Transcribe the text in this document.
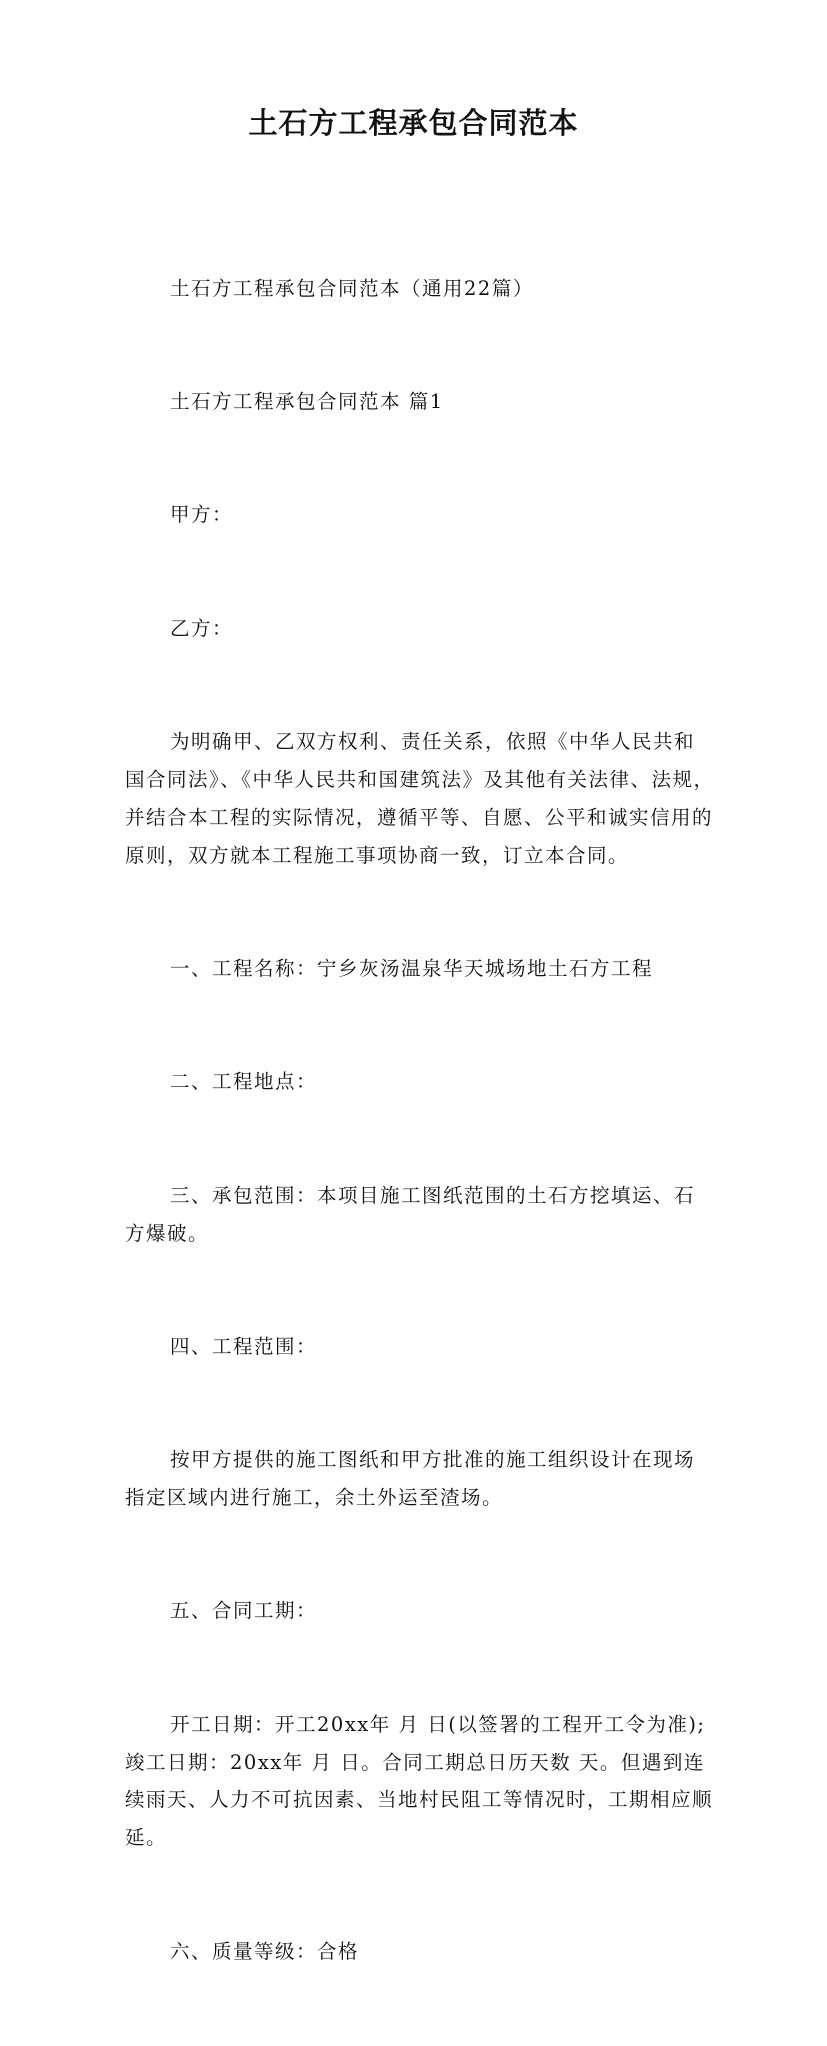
土石方工程承包合同范本

土石方工程承包合同范本（通用22篇）

土石方工程承包合同范本 篇1

甲方：

乙方：

为明确甲、乙双方权利、责任关系，依照《中华人民共和国合同法》、《中华人民共和国建筑法》及其他有关法律、法规，并结合本工程的实际情况，遵循平等、自愿、公平和诚实信用的原则，双方就本工程施工事项协商一致，订立本合同。

一、工程名称：宁乡灰汤温泉华天城场地土石方工程

二、工程地点：

三、承包范围：本项目施工图纸范围的土石方挖填运、石方爆破。

四、工程范围：

按甲方提供的施工图纸和甲方批准的施工组织设计在现场指定区域内进行施工，余土外运至渣场。

五、合同工期：

开工日期：开工20xx年 月 日(以签署的工程开工令为准);竣工日期：20xx年 月 日。合同工期总日历天数 天。但遇到连续雨天、人力不可抗因素、当地村民阻工等情况时，工期相应顺延。

六、质量等级：合格
